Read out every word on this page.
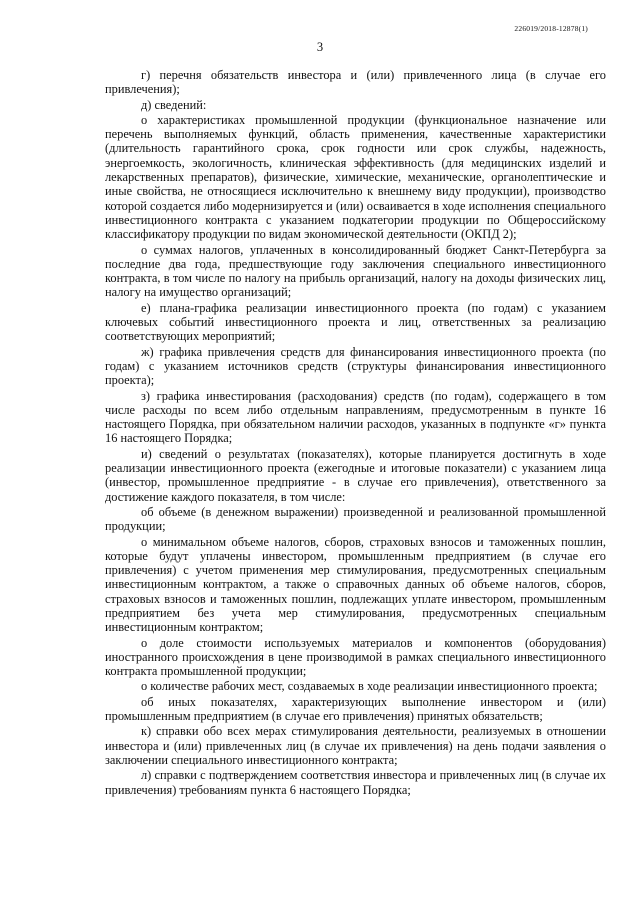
226019/2018-12878(1)
3

г) перечня обязательств инвестора и (или) привлеченного лица (в случае его привлечения);

д) сведений:

о характеристиках промышленной продукции (функциональное назначение или перечень выполняемых функций, область применения, качественные характеристики (длительность гарантийного срока, срок годности или срок службы, надежность, энергоемкость, экологичность, клиническая эффективность (для медицинских изделий и лекарственных препаратов), физические, химические, механические, органолептические и иные свойства, не относящиеся исключительно к внешнему виду продукции), производство которой создается либо модернизируется и (или) осваивается в ходе исполнения специального инвестиционного контракта с указанием подкатегории продукции по Общероссийскому классификатору продукции по видам экономической деятельности (ОКПД 2);

о суммах налогов, уплаченных в консолидированный бюджет Санкт-Петербурга за последние два года, предшествующие году заключения специального инвестиционного контракта, в том числе по налогу на прибыль организаций, налогу на доходы физических лиц, налогу на имущество организаций;

е) плана-графика реализации инвестиционного проекта (по годам) с указанием ключевых событий инвестиционного проекта и лиц, ответственных за реализацию соответствующих мероприятий;

ж) графика привлечения средств для финансирования инвестиционного проекта (по годам) с указанием источников средств (структуры финансирования инвестиционного проекта);

з) графика инвестирования (расходования) средств (по годам), содержащего в том числе расходы по всем либо отдельным направлениям, предусмотренным в пункте 16 настоящего Порядка, при обязательном наличии расходов, указанных в подпункте «г» пункта 16 настоящего Порядка;

и) сведений о результатах (показателях), которые планируется достигнуть в ходе реализации инвестиционного проекта (ежегодные и итоговые показатели) с указанием лица (инвестор, промышленное предприятие - в случае его привлечения), ответственного за достижение каждого показателя, в том числе:

об объеме (в денежном выражении) произведенной и реализованной промышленной продукции;

о минимальном объеме налогов, сборов, страховых взносов и таможенных пошлин, которые будут уплачены инвестором, промышленным предприятием (в случае его привлечения) с учетом применения мер стимулирования, предусмотренных специальным инвестиционным контрактом, а также о справочных данных об объеме налогов, сборов, страховых взносов и таможенных пошлин, подлежащих уплате инвестором, промышленным предприятием без учета мер стимулирования, предусмотренных специальным инвестиционным контрактом;

о доле стоимости используемых материалов и компонентов (оборудования) иностранного происхождения в цене производимой в рамках специального инвестиционного контракта промышленной продукции;

о количестве рабочих мест, создаваемых в ходе реализации инвестиционного проекта;

об иных показателях, характеризующих выполнение инвестором и (или) промышленным предприятием (в случае его привлечения) принятых обязательств;

к) справки обо всех мерах стимулирования деятельности, реализуемых в отношении инвестора и (или) привлеченных лиц (в случае их привлечения) на день подачи заявления о заключении специального инвестиционного контракта;

л) справки с подтверждением соответствия инвестора и привлеченных лиц (в случае их привлечения) требованиям пункта 6 настоящего Порядка;
